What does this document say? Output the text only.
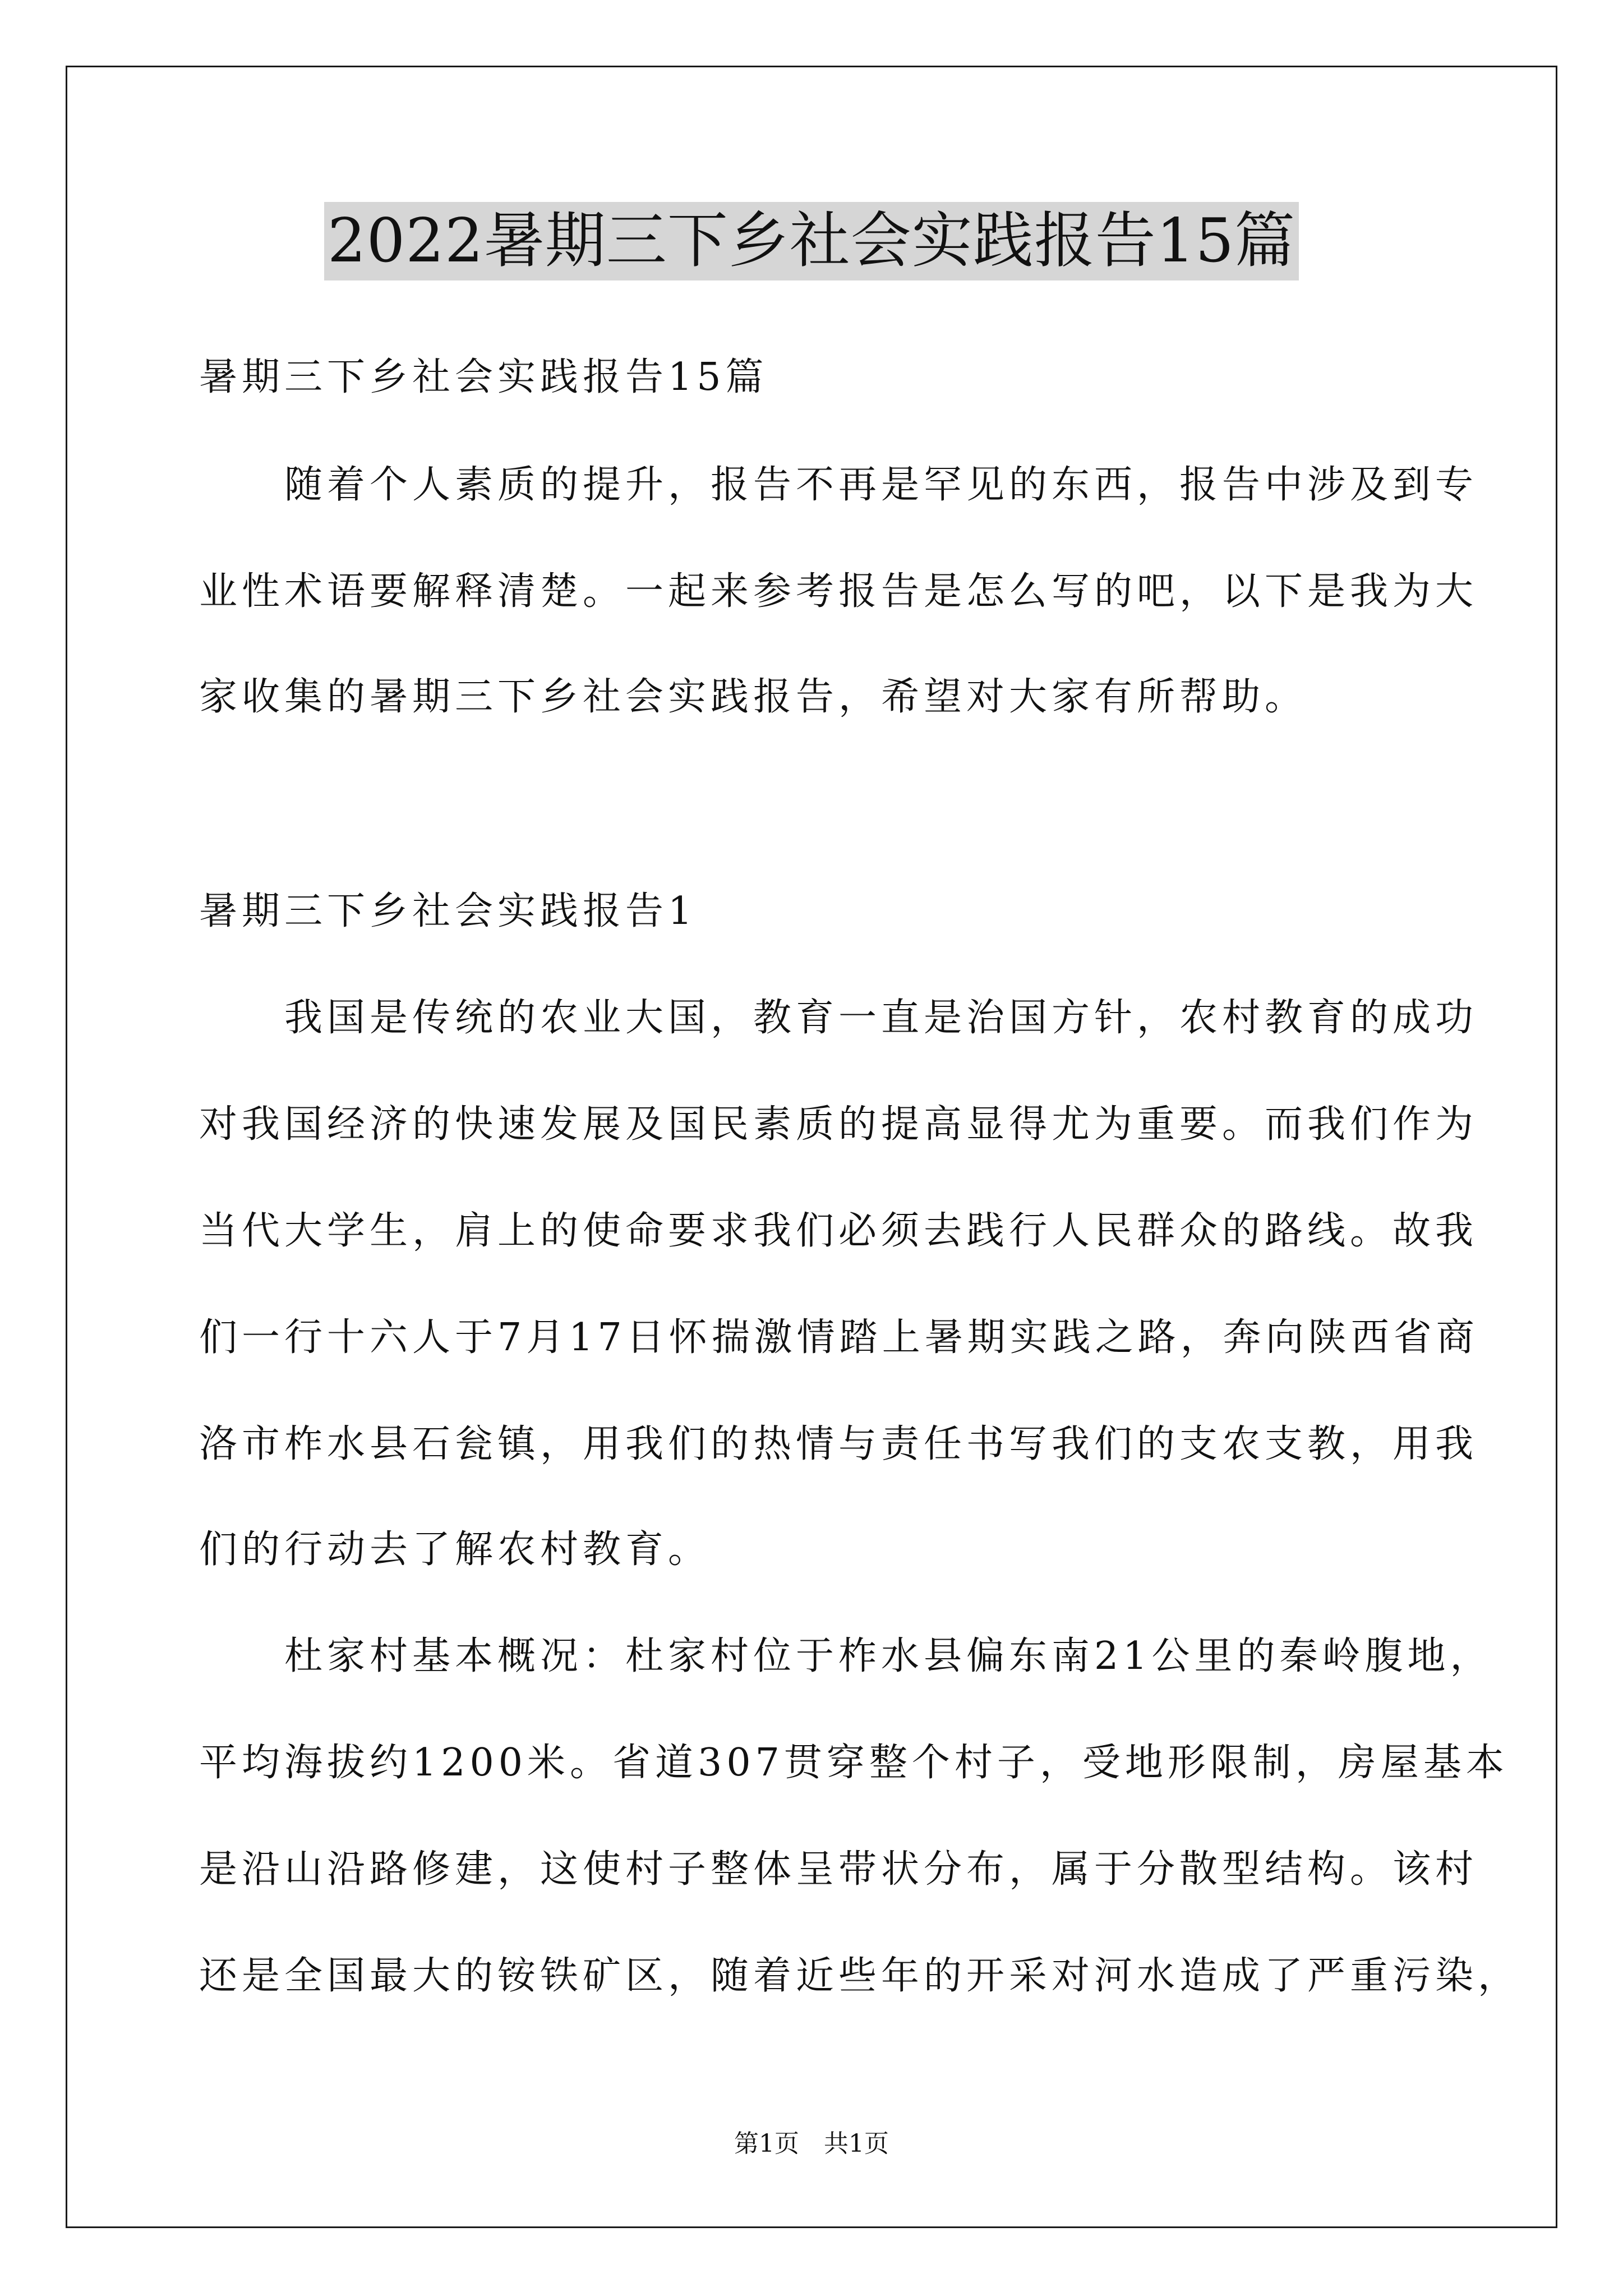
2022暑期三下乡社会实践报告15篇
暑期三下乡社会实践报告15篇
　　随着个人素质的提升，报告不再是罕见的东西，报告中涉及到专
业性术语要解释清楚。一起来参考报告是怎么写的吧，以下是我为大
家收集的暑期三下乡社会实践报告，希望对大家有所帮助。
暑期三下乡社会实践报告1
　　我国是传统的农业大国，教育一直是治国方针，农村教育的成功
对我国经济的快速发展及国民素质的提高显得尤为重要。而我们作为
当代大学生，肩上的使命要求我们必须去践行人民群众的路线。故我
们一行十六人于7月17日怀揣激情踏上暑期实践之路，奔向陕西省商
洛市柞水县石瓮镇，用我们的热情与责任书写我们的支农支教，用我
们的行动去了解农村教育。
　　杜家村基本概况：杜家村位于柞水县偏东南21公里的秦岭腹地，
平均海拔约1200米。省道307贯穿整个村子，受地形限制，房屋基本
是沿山沿路修建，这使村子整体呈带状分布，属于分散型结构。该村
还是全国最大的铵铁矿区，随着近些年的开采对河水造成了严重污染，
第1页　共1页
